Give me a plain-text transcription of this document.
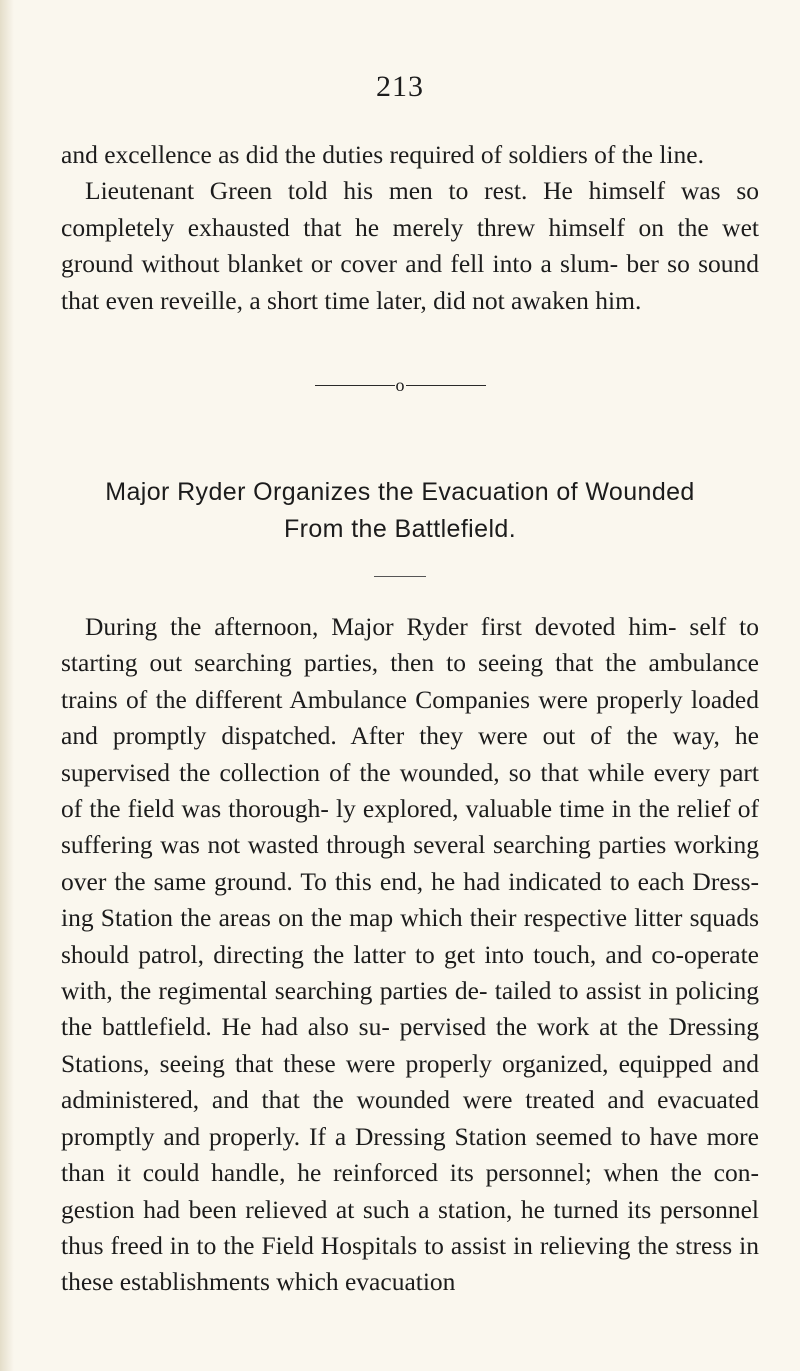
213

and excellence as did the duties required of soldiers of the line.

Lieutenant Green told his men to rest. He himself was so completely exhausted that he merely threw himself on the wet ground without blanket or cover and fell into a slum- ber so sound that even reveille, a short time later, did not awaken him.

o
Major Ryder Organizes the Evacuation of Wounded
From the Battlefield.

During the afternoon, Major Ryder first devoted him- self to starting out searching parties, then to seeing that the ambulance trains of the different Ambulance Companies were properly loaded and promptly dispatched. After they were out of the way, he supervised the collection of the wounded, so that while every part of the field was thorough- ly explored, valuable time in the relief of suffering was not wasted through several searching parties working over the same ground. To this end, he had indicated to each Dress- ing Station the areas on the map which their respective litter squads should patrol, directing the latter to get into touch, and co-operate with, the regimental searching parties de- tailed to assist in policing the battlefield. He had also su- pervised the work at the Dressing Stations, seeing that these were properly organized, equipped and administered, and that the wounded were treated and evacuated promptly and properly. If a Dressing Station seemed to have more than it could handle, he reinforced its personnel; when the con- gestion had been relieved at such a station, he turned its personnel thus freed in to the Field Hospitals to assist in relieving the stress in these establishments which evacuation
